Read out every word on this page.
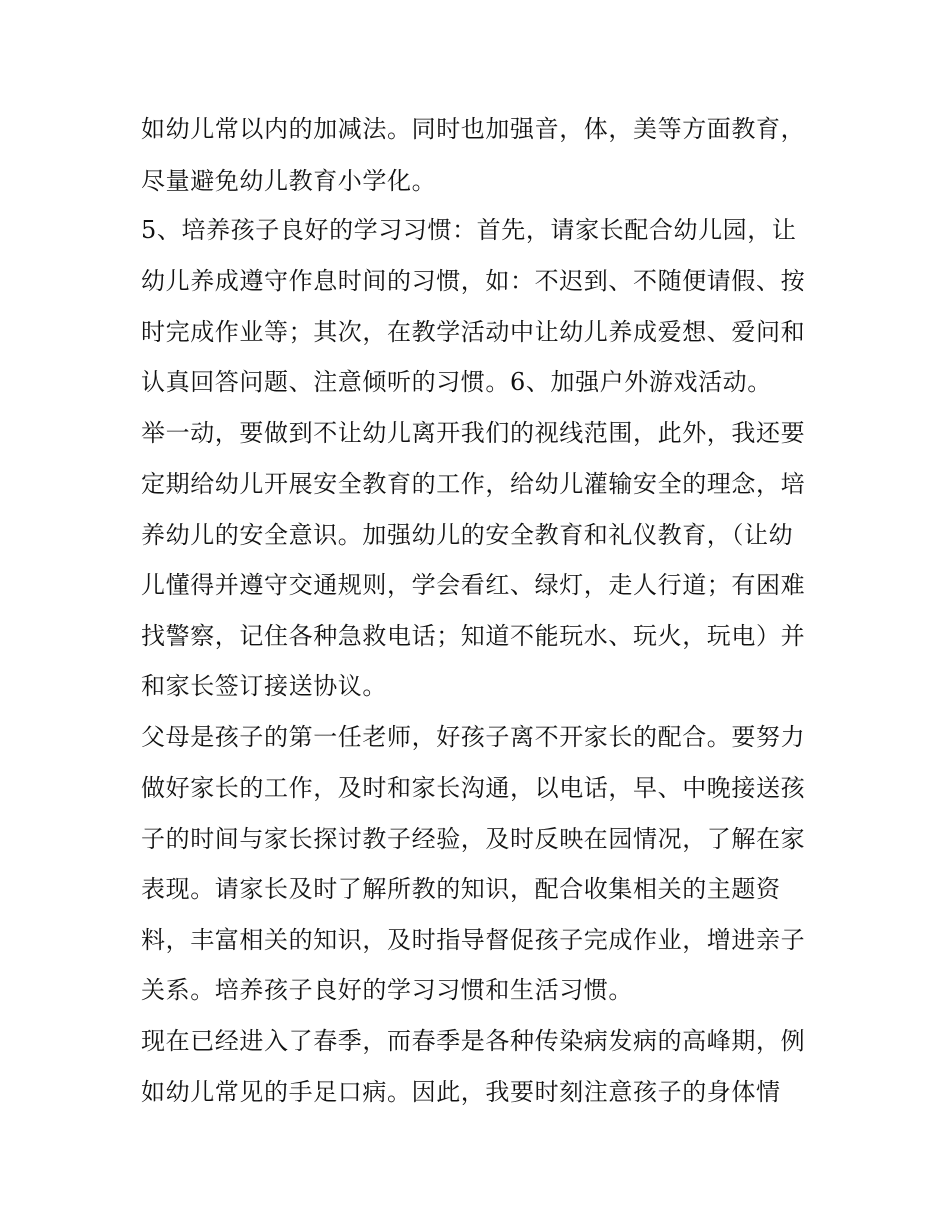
如幼儿常以内的加减法。同时也加强音，体，美等方面教育，
尽量避免幼儿教育小学化。
5、培养孩子良好的学习习惯：首先，请家长配合幼儿园，让
幼儿养成遵守作息时间的习惯，如：不迟到、不随便请假、按
时完成作业等；其次，在教学活动中让幼儿养成爱想、爱问和
认真回答问题、注意倾听的习惯。6、加强户外游戏活动。
举一动，要做到不让幼儿离开我们的视线范围，此外，我还要
定期给幼儿开展安全教育的工作，给幼儿灌输安全的理念，培
养幼儿的安全意识。加强幼儿的安全教育和礼仪教育，（让幼
儿懂得并遵守交通规则，学会看红、绿灯，走人行道；有困难
找警察，记住各种急救电话；知道不能玩水、玩火，玩电）并
和家长签订接送协议。
父母是孩子的第一任老师，好孩子离不开家长的配合。要努力
做好家长的工作，及时和家长沟通，以电话，早、中晚接送孩
子的时间与家长探讨教子经验，及时反映在园情况，了解在家
表现。请家长及时了解所教的知识，配合收集相关的主题资
料，丰富相关的知识，及时指导督促孩子完成作业，增进亲子
关系。培养孩子良好的学习习惯和生活习惯。
现在已经进入了春季，而春季是各种传染病发病的高峰期，例
如幼儿常见的手足口病。因此，我要时刻注意孩子的身体情
